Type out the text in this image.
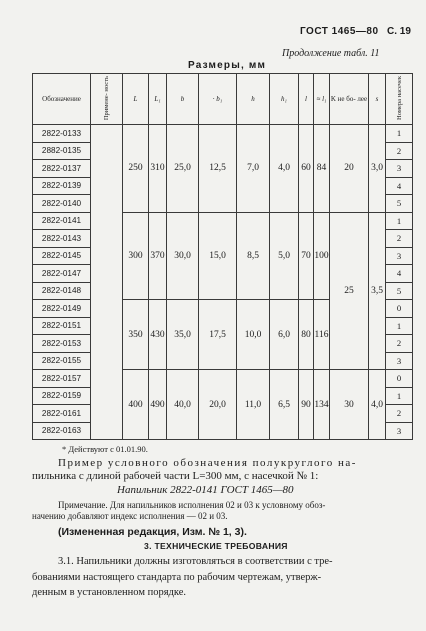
ГОСТ 1465—80 С. 19
Продолжение табл. 11
Размеры, мм
Обозначение	Примене- ность	L	L₁	b	· b₁	h	h₁	l	≈ l₁	K не бо- лее	s	Номера насечек
2822-0133		250	310	25,0	12,5	7,0	4,0	60	84	20	3,0	1
2882-0135												2
2822-0137												3
2822-0139												4
2822-0140												5
2822-0141		300	370	30,0	15,0	8,5	5,0	70	100	25	3,5	1
2822-0143												2
2822-0145												3
2822-0147												4
2822-0148												5
2822-0149		350	430	35,0	17,5	10,0	6,0	80	116			0
2822-0151												1
2822-0153												2
2822-0155												3
2822-0157		400	490	40,0	20,0	11,0	6,5	90	134	30	4,0	0
2822-0159												1
2822-0161												2
2822-0163												3
* Действуют с 01.01.90.
Пример условного обозначения полукруглого на-
пильника с длиной рабочей части L=300 мм, с насечкой № 1:
Напильник 2822-0141 ГОСТ 1465—80
Примечание. Для напильников исполнения 02 и 03 к условному обоз-
начению добавляют индекс исполнения — 02 и 03.
(Измененная редакция, Изм. № 1, 3).
3. ТЕХНИЧЕСКИЕ ТРЕБОВАНИЯ
3.1. Напильники должны изготовляться в соответствии с тре-
бованиями настоящего стандарта по рабочим чертежам, утверж-
денным в установленном порядке.
